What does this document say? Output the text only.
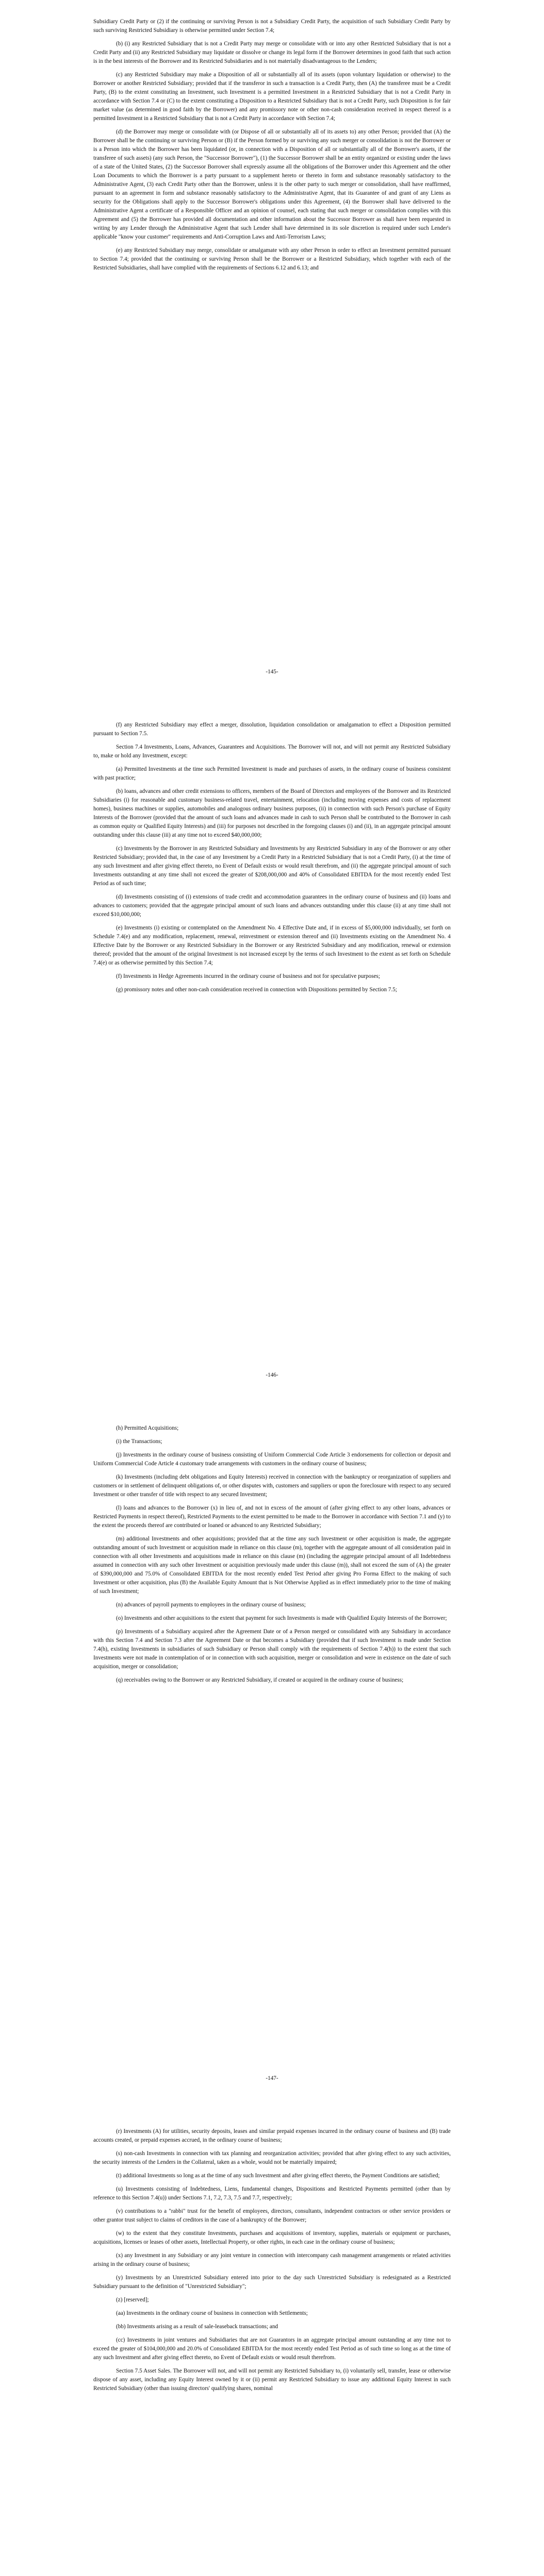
Subsidiary Credit Party or (2) if the continuing or surviving Person is not a Subsidiary Credit Party, the acquisition of such Subsidiary Credit Party by such surviving Restricted Subsidiary is otherwise permitted under Section 7.4;

(b) (i) any Restricted Subsidiary that is not a Credit Party may merge or consolidate with or into any other Restricted Subsidiary that is not a Credit Party and (ii) any Restricted Subsidiary may liquidate or dissolve or change its legal form if the Borrower determines in good faith that such action is in the best interests of the Borrower and its Restricted Subsidiaries and is not materially disadvantageous to the Lenders;

(c) any Restricted Subsidiary may make a Disposition of all or substantially all of its assets (upon voluntary liquidation or otherwise) to the Borrower or another Restricted Subsidiary; provided that if the transferor in such a transaction is a Credit Party, then (A) the transferee must be a Credit Party, (B) to the extent constituting an Investment, such Investment is a permitted Investment in a Restricted Subsidiary that is not a Credit Party in accordance with Section 7.4 or (C) to the extent constituting a Disposition to a Restricted Subsidiary that is not a Credit Party, such Disposition is for fair market value (as determined in good faith by the Borrower) and any promissory note or other non-cash consideration received in respect thereof is a permitted Investment in a Restricted Subsidiary that is not a Credit Party in accordance with Section 7.4;

(d) the Borrower may merge or consolidate with (or Dispose of all or substantially all of its assets to) any other Person; provided that (A) the Borrower shall be the continuing or surviving Person or (B) if the Person formed by or surviving any such merger or consolidation is not the Borrower or is a Person into which the Borrower has been liquidated (or, in connection with a Disposition of all or substantially all of the Borrower's assets, if the transferee of such assets) (any such Person, the "Successor Borrower"), (1) the Successor Borrower shall be an entity organized or existing under the laws of a state of the United States, (2) the Successor Borrower shall expressly assume all the obligations of the Borrower under this Agreement and the other Loan Documents to which the Borrower is a party pursuant to a supplement hereto or thereto in form and substance reasonably satisfactory to the Administrative Agent, (3) each Credit Party other than the Borrower, unless it is the other party to such merger or consolidation, shall have reaffirmed, pursuant to an agreement in form and substance reasonably satisfactory to the Administrative Agent, that its Guarantee of and grant of any Liens as security for the Obligations shall apply to the Successor Borrower's obligations under this Agreement, (4) the Borrower shall have delivered to the Administrative Agent a certificate of a Responsible Officer and an opinion of counsel, each stating that such merger or consolidation complies with this Agreement and (5) the Borrower has provided all documentation and other information about the Successor Borrower as shall have been requested in writing by any Lender through the Administrative Agent that such Lender shall have determined in its sole discretion is required under such Lender's applicable "know your customer" requirements and Anti-Corruption Laws and Anti-Terrorism Laws;

(e) any Restricted Subsidiary may merge, consolidate or amalgamate with any other Person in order to effect an Investment permitted pursuant to Section 7.4; provided that the continuing or surviving Person shall be the Borrower or a Restricted Subsidiary, which together with each of the Restricted Subsidiaries, shall have complied with the requirements of Sections 6.12 and 6.13; and

-145-

(f) any Restricted Subsidiary may effect a merger, dissolution, liquidation consolidation or amalgamation to effect a Disposition permitted pursuant to Section 7.5.

Section 7.4 Investments, Loans, Advances, Guarantees and Acquisitions. The Borrower will not, and will not permit any Restricted Subsidiary to, make or hold any Investment, except:

(a) Permitted Investments at the time such Permitted Investment is made and purchases of assets, in the ordinary course of business consistent with past practice;

(b) loans, advances and other credit extensions to officers, members of the Board of Directors and employees of the Borrower and its Restricted Subsidiaries (i) for reasonable and customary business-related travel, entertainment, relocation (including moving expenses and costs of replacement homes), business machines or supplies, automobiles and analogous ordinary business purposes, (ii) in connection with such Person's purchase of Equity Interests of the Borrower (provided that the amount of such loans and advances made in cash to such Person shall be contributed to the Borrower in cash as common equity or Qualified Equity Interests) and (iii) for purposes not described in the foregoing clauses (i) and (ii), in an aggregate principal amount outstanding under this clause (iii) at any time not to exceed $40,000,000;

(c) Investments by the Borrower in any Restricted Subsidiary and Investments by any Restricted Subsidiary in any of the Borrower or any other Restricted Subsidiary; provided that, in the case of any Investment by a Credit Party in a Restricted Subsidiary that is not a Credit Party, (i) at the time of any such Investment and after giving effect thereto, no Event of Default exists or would result therefrom, and (ii) the aggregate principal amount of such Investments outstanding at any time shall not exceed the greater of $208,000,000 and 40% of Consolidated EBITDA for the most recently ended Test Period as of such time;

(d) Investments consisting of (i) extensions of trade credit and accommodation guarantees in the ordinary course of business and (ii) loans and advances to customers; provided that the aggregate principal amount of such loans and advances outstanding under this clause (ii) at any time shall not exceed $10,000,000;

(e) Investments (i) existing or contemplated on the Amendment No. 4 Effective Date and, if in excess of $5,000,000 individually, set forth on Schedule 7.4(e) and any modification, replacement, renewal, reinvestment or extension thereof and (ii) Investments existing on the Amendment No. 4 Effective Date by the Borrower or any Restricted Subsidiary in the Borrower or any Restricted Subsidiary and any modification, renewal or extension thereof; provided that the amount of the original Investment is not increased except by the terms of such Investment to the extent as set forth on Schedule 7.4(e) or as otherwise permitted by this Section 7.4;

(f) Investments in Hedge Agreements incurred in the ordinary course of business and not for speculative purposes;

(g) promissory notes and other non-cash consideration received in connection with Dispositions permitted by Section 7.5;

-146-

(h) Permitted Acquisitions;

(i) the Transactions;

(j) Investments in the ordinary course of business consisting of Uniform Commercial Code Article 3 endorsements for collection or deposit and Uniform Commercial Code Article 4 customary trade arrangements with customers in the ordinary course of business;

(k) Investments (including debt obligations and Equity Interests) received in connection with the bankruptcy or reorganization of suppliers and customers or in settlement of delinquent obligations of, or other disputes with, customers and suppliers or upon the foreclosure with respect to any secured Investment or other transfer of title with respect to any secured Investment;

(l) loans and advances to the Borrower (x) in lieu of, and not in excess of the amount of (after giving effect to any other loans, advances or Restricted Payments in respect thereof), Restricted Payments to the extent permitted to be made to the Borrower in accordance with Section 7.1 and (y) to the extent the proceeds thereof are contributed or loaned or advanced to any Restricted Subsidiary;

(m) additional Investments and other acquisitions; provided that at the time any such Investment or other acquisition is made, the aggregate outstanding amount of such Investment or acquisition made in reliance on this clause (m), together with the aggregate amount of all consideration paid in connection with all other Investments and acquisitions made in reliance on this clause (m) (including the aggregate principal amount of all Indebtedness assumed in connection with any such other Investment or acquisition previously made under this clause (m)), shall not exceed the sum of (A) the greater of $390,000,000 and 75.0% of Consolidated EBITDA for the most recently ended Test Period after giving Pro Forma Effect to the making of such Investment or other acquisition, plus (B) the Available Equity Amount that is Not Otherwise Applied as in effect immediately prior to the time of making of such Investment;

(n) advances of payroll payments to employees in the ordinary course of business;

(o) Investments and other acquisitions to the extent that payment for such Investments is made with Qualified Equity Interests of the Borrower;

(p) Investments of a Subsidiary acquired after the Agreement Date or of a Person merged or consolidated with any Subsidiary in accordance with this Section 7.4 and Section 7.3 after the Agreement Date or that becomes a Subsidiary (provided that if such Investment is made under Section 7.4(h), existing Investments in subsidiaries of such Subsidiary or Person shall comply with the requirements of Section 7.4(h)) to the extent that such Investments were not made in contemplation of or in connection with such acquisition, merger or consolidation and were in existence on the date of such acquisition, merger or consolidation;

(q) receivables owing to the Borrower or any Restricted Subsidiary, if created or acquired in the ordinary course of business;

-147-

(r) Investments (A) for utilities, security deposits, leases and similar prepaid expenses incurred in the ordinary course of business and (B) trade accounts created, or prepaid expenses accrued, in the ordinary course of business;

(s) non-cash Investments in connection with tax planning and reorganization activities; provided that after giving effect to any such activities, the security interests of the Lenders in the Collateral, taken as a whole, would not be materially impaired;

(t) additional Investments so long as at the time of any such Investment and after giving effect thereto, the Payment Conditions are satisfied;

(u) Investments consisting of Indebtedness, Liens, fundamental changes, Dispositions and Restricted Payments permitted (other than by reference to this Section 7.4(u)) under Sections 7.1, 7.2, 7.3, 7.5 and 7.7, respectively;

(v) contributions to a "rabbi" trust for the benefit of employees, directors, consultants, independent contractors or other service providers or other grantor trust subject to claims of creditors in the case of a bankruptcy of the Borrower;

(w) to the extent that they constitute Investments, purchases and acquisitions of inventory, supplies, materials or equipment or purchases, acquisitions, licenses or leases of other assets, Intellectual Property, or other rights, in each case in the ordinary course of business;

(x) any Investment in any Subsidiary or any joint venture in connection with intercompany cash management arrangements or related activities arising in the ordinary course of business;

(y) Investments by an Unrestricted Subsidiary entered into prior to the day such Unrestricted Subsidiary is redesignated as a Restricted Subsidiary pursuant to the definition of "Unrestricted Subsidiary";

(z) [reserved];

(aa) Investments in the ordinary course of business in connection with Settlements;

(bb) Investments arising as a result of sale-leaseback transactions; and

(cc) Investments in joint ventures and Subsidiaries that are not Guarantors in an aggregate principal amount outstanding at any time not to exceed the greater of $104,000,000 and 20.0% of Consolidated EBITDA for the most recently ended Test Period as of such time so long as at the time of any such Investment and after giving effect thereto, no Event of Default exists or would result therefrom.

Section 7.5 Asset Sales. The Borrower will not, and will not permit any Restricted Subsidiary to, (i) voluntarily sell, transfer, lease or otherwise dispose of any asset, including any Equity Interest owned by it or (ii) permit any Restricted Subsidiary to issue any additional Equity Interest in such Restricted Subsidiary (other than issuing directors' qualifying shares, nominal
